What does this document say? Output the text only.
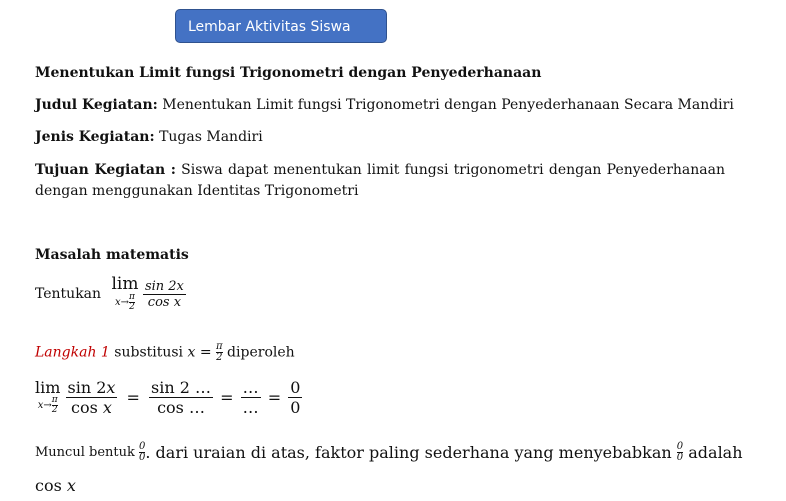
Lembar Aktivitas Siswa
Menentukan Limit fungsi Trigonometri dengan Penyederhanaan
Judul Kegiatan: Menentukan Limit fungsi Trigonometri dengan Penyederhanaan Secara Mandiri
Jenis Kegiatan: Tugas Mandiri
Tujuan Kegiatan : Siswa dapat menentukan limit fungsi trigonometri dengan Penyederhanaan dengan menggunakan Identitas Trigonometri
Masalah matematis
Tentukan lim
$x\to \frac{\pi}{2}$
$\frac{\sin 2x}{\text{cos x}}$
Langkah 1 substitusi $x = \frac{\pi}{2}$ diperoleh
lim
$x\to \frac{\pi}{2}$
$\frac{\text{sin 2𝑥}}{\text{cos 𝑥}} = \frac{\sin 2 \dots}{\cos \dots} = \frac{\dots}{\dots} = \frac{0}{0}$
Muncul bentuk $\frac{0}{0}$ . dari uraian di atas, faktor paling sederhana yang menyebabkan $\frac{0}{0}$ adalah
cos 𝑥
